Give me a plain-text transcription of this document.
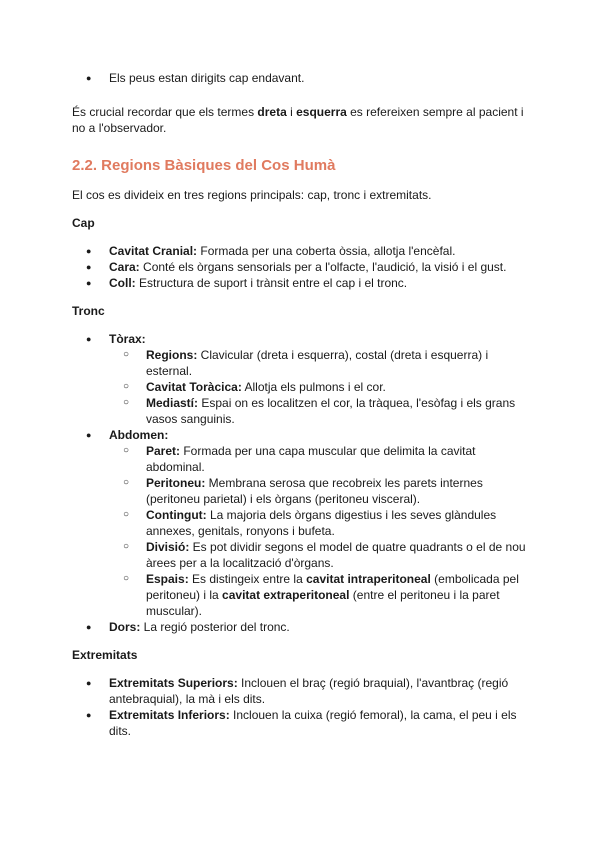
● Els peus estan dirigits cap endavant.

És crucial recordar que els termes dreta i esquerra es refereixen sempre al pacient i no a l'observador.

2.2. Regions Bàsiques del Cos Humà

El cos es divideix en tres regions principals: cap, tronc i extremitats.

Cap
● Cavitat Cranial: Formada per una coberta òssia, allotja l'encèfal.
● Cara: Conté els òrgans sensorials per a l'olfacte, l'audició, la visió i el gust.
● Coll: Estructura de suport i trànsit entre el cap i el tronc.
Tronc
● Tòrax:
○ Regions: Clavicular (dreta i esquerra), costal (dreta i esquerra) i esternal.
○ Cavitat Toràcica: Allotja els pulmons i el cor.
○ Mediastí: Espai on es localitzen el cor, la tràquea, l'esòfag i els grans vasos sanguinis.
● Abdomen:
○ Paret: Formada per una capa muscular que delimita la cavitat abdominal.
○ Peritoneu: Membrana serosa que recobreix les parets internes (peritoneu parietal) i els òrgans (peritoneu visceral).
○ Contingut: La majoria dels òrgans digestius i les seves glàndules annexes, genitals, ronyons i bufeta.
○ Divisió: Es pot dividir segons el model de quatre quadrants o el de nou àrees per a la localització d'òrgans.
○ Espais: Es distingeix entre la cavitat intraperitoneal (embolicada pel peritoneu) i la cavitat extraperitoneal (entre el peritoneu i la paret muscular).
● Dors: La regió posterior del tronc.
Extremitats
● Extremitats Superiors: Inclouen el braç (regió braquial), l'avantbraç (regió antebraquial), la mà i els dits.
● Extremitats Inferiors: Inclouen la cuixa (regió femoral), la cama, el peu i els dits.
